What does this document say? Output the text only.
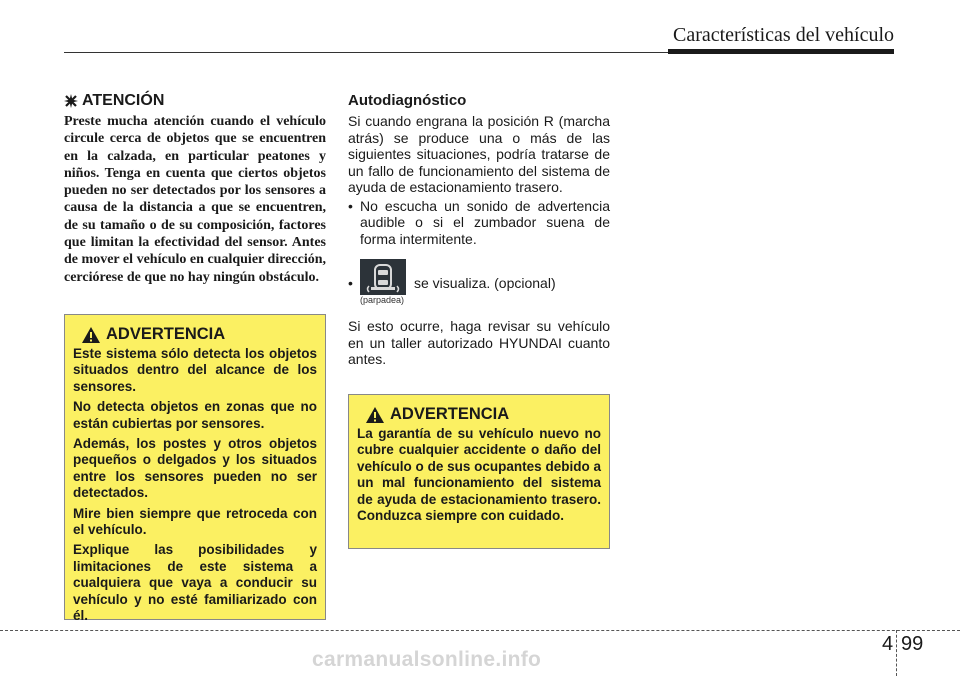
Características del vehículo
ATENCIÓN

Preste mucha atención cuando el vehículo circule cerca de objetos que se encuentren en la calzada, en particular peatones y niños. Tenga en cuenta que ciertos objetos pueden no ser detectados por los sensores a causa de la distancia a que se encuentren, de su tamaño o de su composición, factores que limitan la efectividad del sensor. Antes de mover el vehículo en cualquier dirección, cerciórese de que no hay ningún obstáculo.

ADVERTENCIA

Este sistema sólo detecta los objetos situados dentro del alcance de los sensores.

No detecta objetos en zonas que no están cubiertas por sensores.

Además, los postes y otros objetos pequeños o delgados y los situados entre los sensores pueden no ser detectados.

Mire bien siempre que retroceda con el vehículo.

Explique las posibilidades y limitaciones de este sistema a cualquiera que vaya a conducir su vehículo y no esté familiarizado con él.

Autodiagnóstico

Si cuando engrana la posición R (marcha atrás) se produce una o más de las siguientes situaciones, podría tratarse de un fallo de funcionamiento del sistema de ayuda de estacionamiento trasero.

• No escucha un sonido de advertencia audible o si el zumbador suena de forma intermitente.
•
(parpadea)
se visualiza. (opcional)

Si esto ocurre, haga revisar su vehículo en un taller autorizado HYUNDAI cuanto antes.

ADVERTENCIA

La garantía de su vehículo nuevo no cubre cualquier accidente o daño del vehículo o de sus ocupantes debido a un mal funcionamiento del sistema de ayuda de estacionamiento trasero. Conduzca siempre con cuidado.

4 99
carmanualsonline.info
